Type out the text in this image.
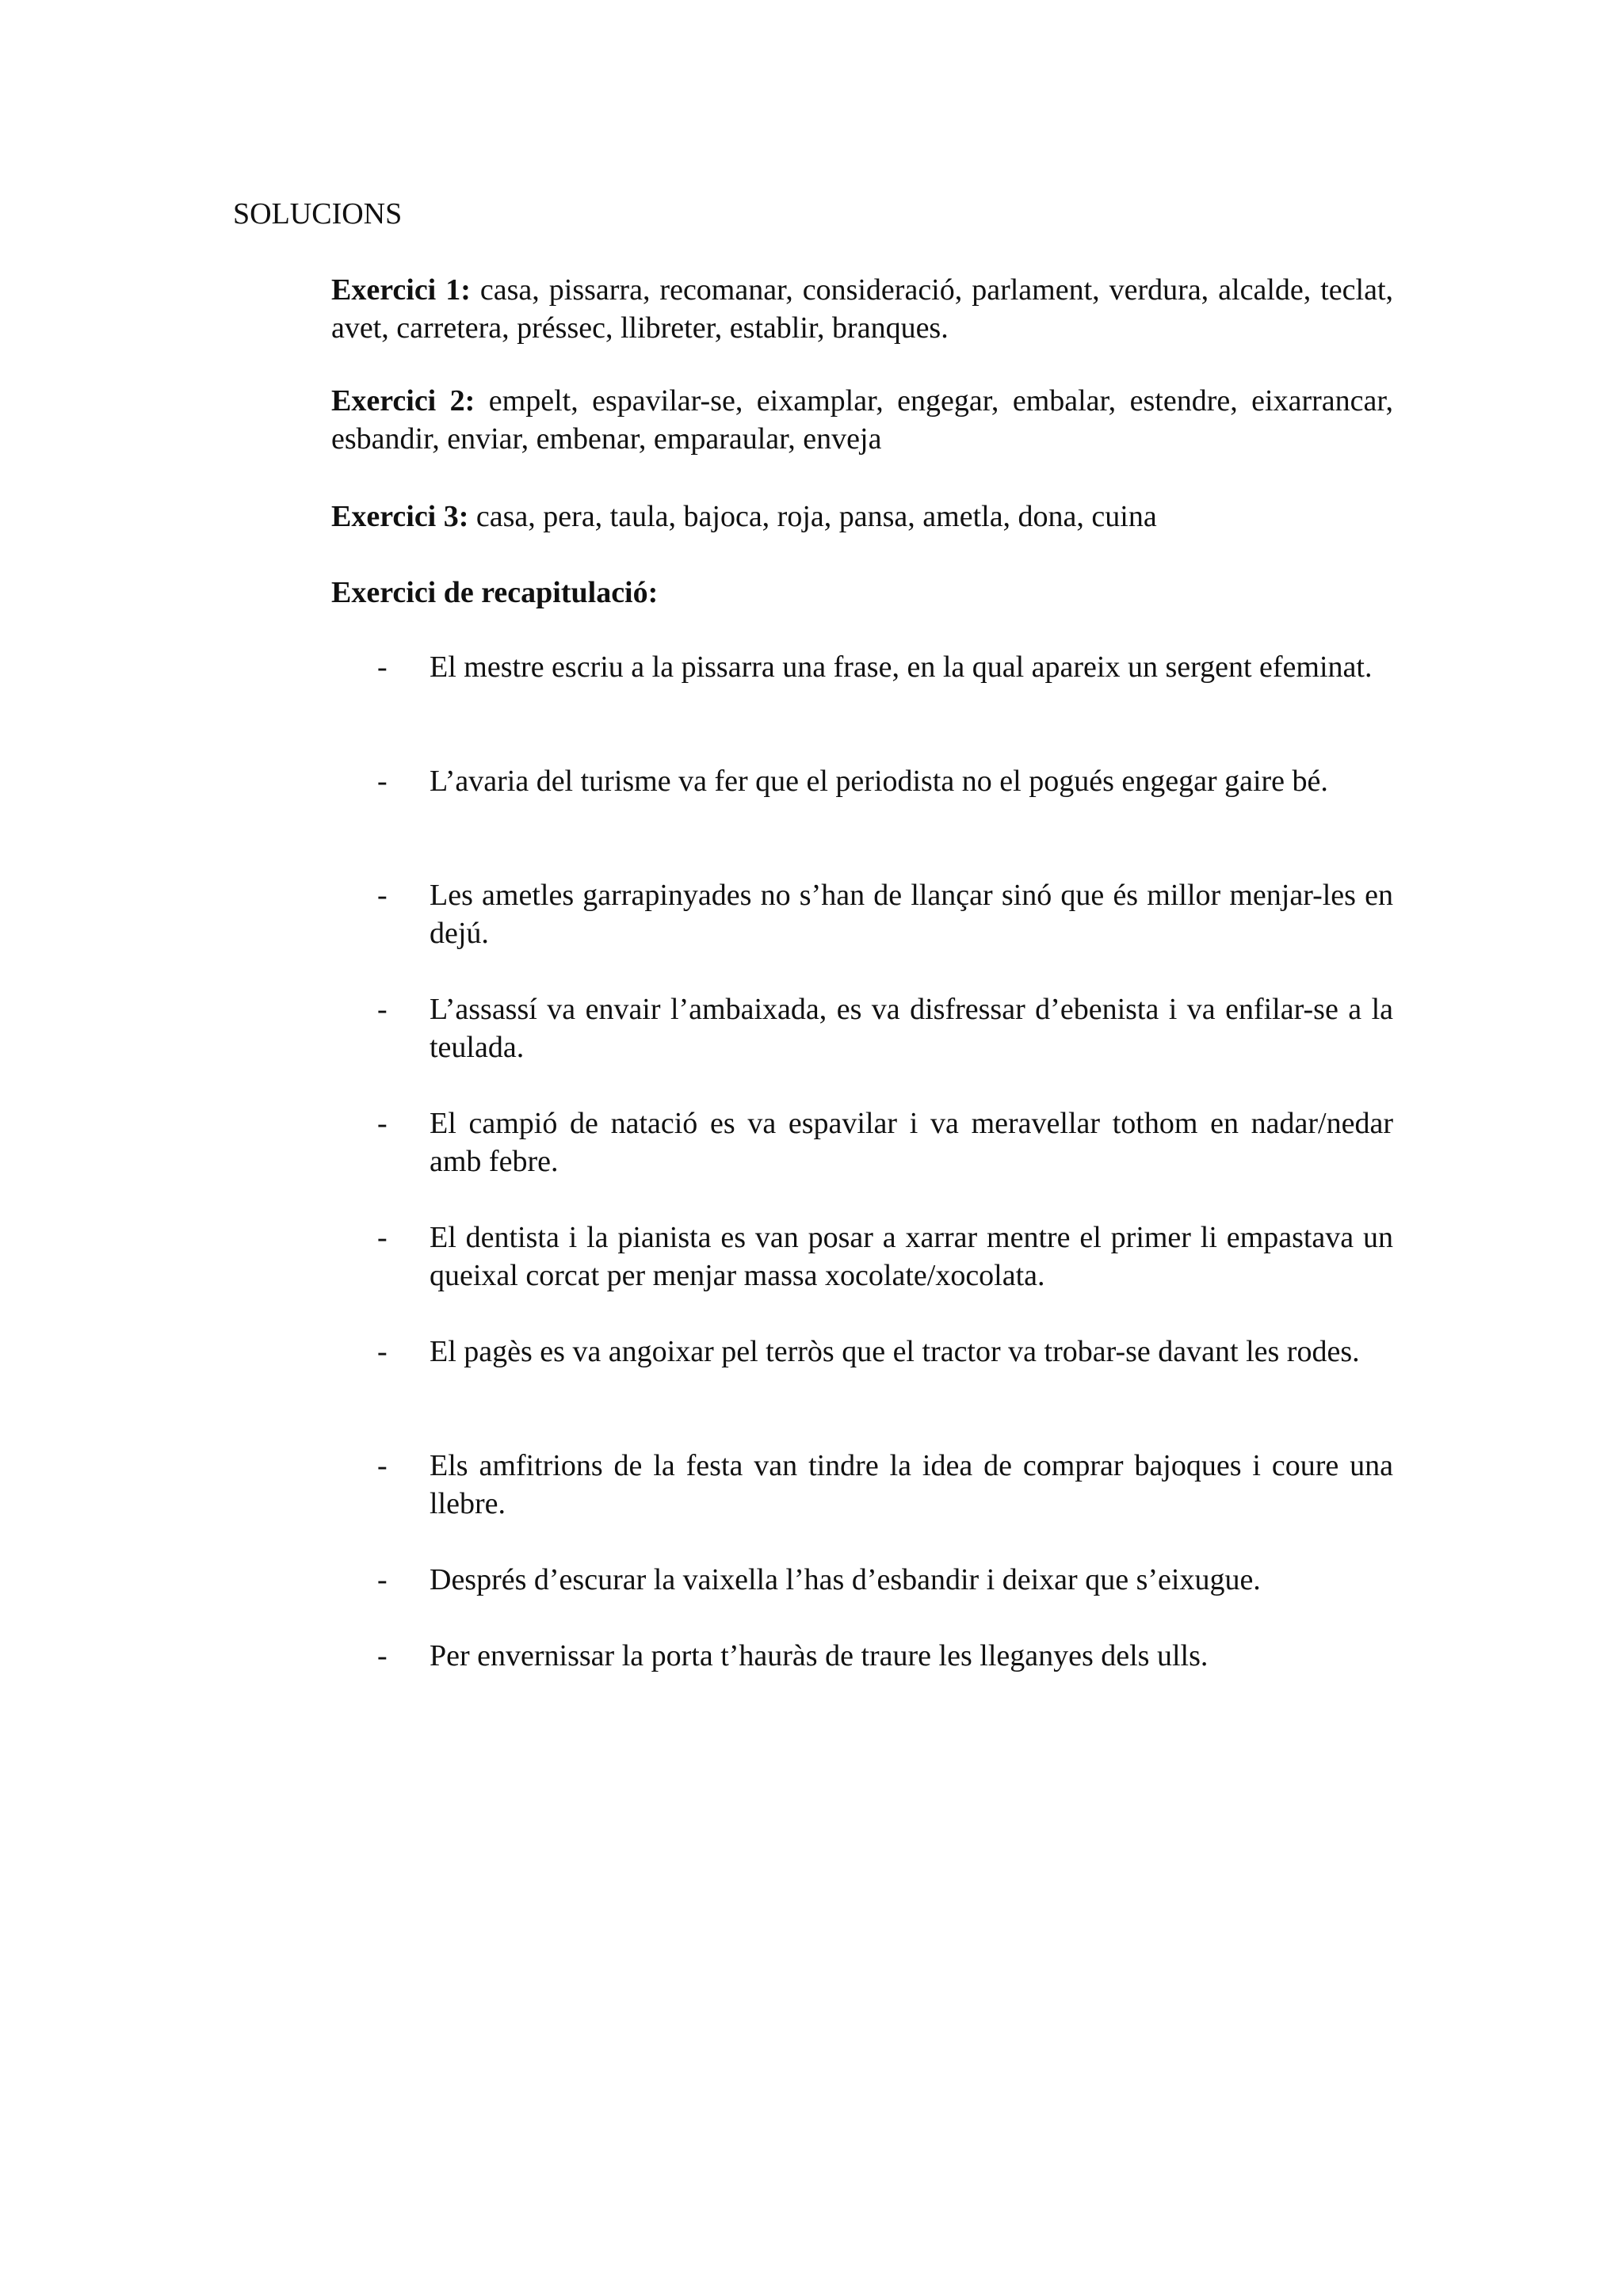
SOLUCIONS

Exercici 1: casa, pissarra, recomanar, consideració, parlament, verdura, alcalde, teclat, avet, carretera, préssec, llibreter, establir, branques.

Exercici 2: empelt, espavilar-se, eixamplar, engegar, embalar, estendre, eixarrancar, esbandir, enviar, embenar, emparaular, enveja

Exercici 3: casa, pera, taula, bajoca, roja, pansa, ametla, dona, cuina

Exercici de recapitulació:

- El mestre escriu a la pissarra una frase, en la qual apareix un sergent efeminat.
- L’avaria del turisme va fer que el periodista no el pogués engegar gaire bé.
- Les ametles garrapinyades no s’han de llançar sinó que és millor menjar-les en dejú.
- L’assassí va envair l’ambaixada, es va disfressar d’ebenista i va enfilar-se a la teulada.
- El campió de natació es va espavilar i va meravellar tothom en nadar/nedar amb febre.
- El dentista i la pianista es van posar a xarrar mentre el primer li empastava un queixal corcat per menjar massa xocolate/xocolata.
- El pagès es va angoixar pel terròs que el tractor va trobar-se davant les rodes.
- Els amfitrions de la festa van tindre la idea de comprar bajoques i coure una llebre.
- Després d’escurar la vaixella l’has d’esbandir i deixar que s’eixugue.
- Per envernissar la porta t’hauràs de traure les lleganyes dels ulls.
